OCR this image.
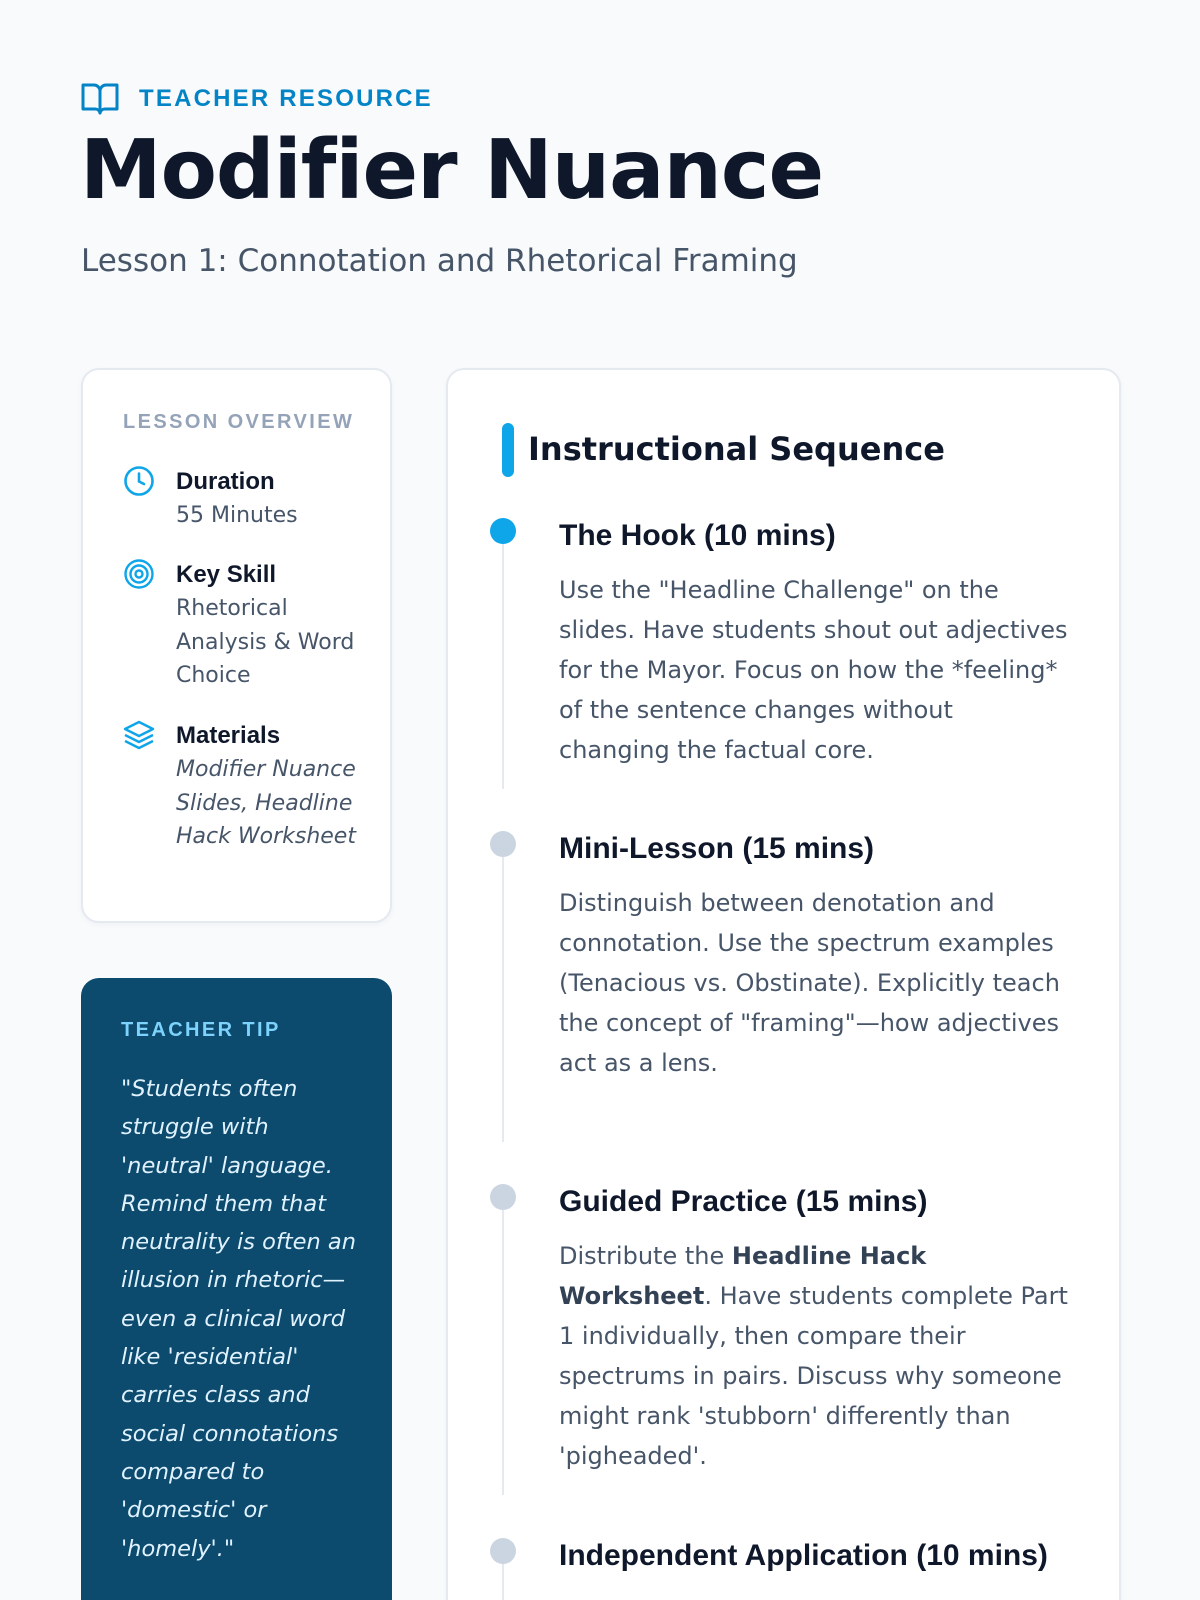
TEACHER RESOURCE
Modifier Nuance
Lesson 1: Connotation and Rhetorical Framing
LESSON OVERVIEW
Duration
55 Minutes
Key Skill
Rhetorical Analysis & Word Choice
Materials
Modifier Nuance Slides, Headline Hack Worksheet
TEACHER TIP
"Students often struggle with 'neutral' language. Remind them that neutrality is often an illusion in rhetoric—even a clinical word like 'residential' carries class and social connotations compared to 'domestic' or 'homely'."
Instructional Sequence
The Hook (10 mins)
Use the "Headline Challenge" on the slides. Have students shout out adjectives for the Mayor. Focus on how the *feeling* of the sentence changes without changing the factual core.
Mini-Lesson (15 mins)
Distinguish between denotation and connotation. Use the spectrum examples (Tenacious vs. Obstinate). Explicitly teach the concept of "framing"—how adjectives act as a lens.
Guided Practice (15 mins)
Distribute the Headline Hack Worksheet. Have students complete Part 1 individually, then compare their spectrums in pairs. Discuss why someone might rank 'stubborn' differently than 'pigheaded'.
Independent Application (10 mins)
